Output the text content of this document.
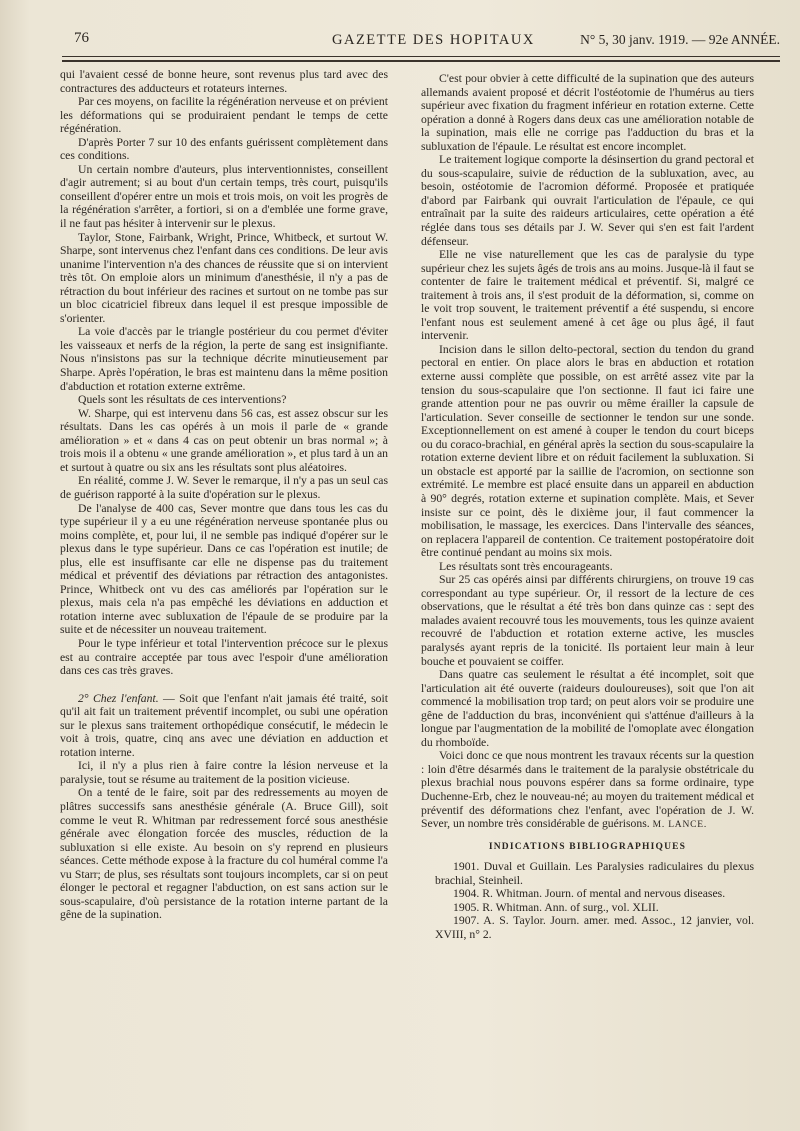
76	GAZETTE DES HOPITAUX	N° 5, 30 janv. 1919. — 92e ANNÉE.

qui l'avaient cessé de bonne heure, sont revenus plus tard avec des contractures des adducteurs et rotateurs internes.

Par ces moyens, on facilite la régénération nerveuse et on prévient les déformations qui se produiraient pendant le temps de cette régénération.

D'après Porter 7 sur 10 des enfants guérissent complètement dans ces conditions.

Un certain nombre d'auteurs, plus interventionnistes, conseillent d'agir autrement; si au bout d'un certain temps, très court, puisqu'ils conseillent d'opérer entre un mois et trois mois, on voit les progrès de la régénération s'arrêter, a fortiori, si on a d'emblée une forme grave, il ne faut pas hésiter à intervenir sur le plexus.

Taylor, Stone, Fairbank, Wright, Prince, Whitbeck, et surtout W. Sharpe, sont intervenus chez l'enfant dans ces conditions. De leur avis unanime l'intervention n'a des chances de réussite que si on intervient très tôt. On emploie alors un minimum d'anesthésie, il n'y a pas de rétraction du bout inférieur des racines et surtout on ne tombe pas sur un bloc cicatriciel fibreux dans lequel il est presque impossible de s'orienter.

La voie d'accès par le triangle postérieur du cou permet d'éviter les vaisseaux et nerfs de la région, la perte de sang est insignifiante. Nous n'insistons pas sur la technique décrite minutieusement par Sharpe. Après l'opération, le bras est maintenu dans la même position d'abduction et rotation externe extrême.

Quels sont les résultats de ces interventions?

W. Sharpe, qui est intervenu dans 56 cas, est assez obscur sur les résultats. Dans les cas opérés à un mois il parle de « grande amélioration » et « dans 4 cas on peut obtenir un bras normal »; à trois mois il a obtenu « une grande amélioration », et plus tard à un an et surtout à quatre ou six ans les résultats sont plus aléatoires.

En réalité, comme J. W. Sever le remarque, il n'y a pas un seul cas de guérison rapporté à la suite d'opération sur le plexus.

De l'analyse de 400 cas, Sever montre que dans tous les cas du type supérieur il y a eu une régénération nerveuse spontanée plus ou moins complète, et, pour lui, il ne semble pas indiqué d'opérer sur le plexus dans le type supérieur. Dans ce cas l'opération est inutile; de plus, elle est insuffisante car elle ne dispense pas du traitement médical et préventif des déviations par rétraction des antagonistes. Prince, Whitbeck ont vu des cas améliorés par l'opération sur le plexus, mais cela n'a pas empêché les déviations en adduction et rotation interne avec subluxation de l'épaule de se produire par la suite et de nécessiter un nouveau traitement.

Pour le type inférieur et total l'intervention précoce sur le plexus est au contraire acceptée par tous avec l'espoir d'une amélioration dans ces cas très graves.

2° Chez l'enfant. — Soit que l'enfant n'ait jamais été traité, soit qu'il ait fait un traitement préventif incomplet, ou subi une opération sur le plexus sans traitement orthopédique consécutif, le médecin le voit à trois, quatre, cinq ans avec une déviation en adduction et rotation interne.

Ici, il n'y a plus rien à faire contre la lésion nerveuse et la paralysie, tout se résume au traitement de la position vicieuse.

On a tenté de le faire, soit par des redressements au moyen de plâtres successifs sans anesthésie générale (A. Bruce Gill), soit comme le veut R. Whitman par redressement forcé sous anesthésie générale avec élongation forcée des muscles, réduction de la subluxation si elle existe. Au besoin on s'y reprend en plusieurs séances. Cette méthode expose à la fracture du col huméral comme l'a vu Starr; de plus, ses résultats sont toujours incomplets, car si on peut élonger le pectoral et regagner l'abduction, on est sans action sur le sous-scapulaire, d'où persistance de la rotation interne partant de la gêne de la supination.

C'est pour obvier à cette difficulté de la supination que des auteurs allemands avaient proposé et décrit l'ostéotomie de l'humérus au tiers supérieur avec fixation du fragment inférieur en rotation externe. Cette opération a donné à Rogers dans deux cas une amélioration notable de la supination, mais elle ne corrige pas l'adduction du bras et la subluxation de l'épaule. Le résultat est encore incomplet.

Le traitement logique comporte la désinsertion du grand pectoral et du sous-scapulaire, suivie de réduction de la subluxation, avec, au besoin, ostéotomie de l'acromion déformé. Proposée et pratiquée d'abord par Fairbank qui ouvrait l'articulation de l'épaule, ce qui entraînait par la suite des raideurs articulaires, cette opération a été réglée dans tous ses détails par J. W. Sever qui s'en est fait l'ardent défenseur.

Elle ne vise naturellement que les cas de paralysie du type supérieur chez les sujets âgés de trois ans au moins. Jusque-là il faut se contenter de faire le traitement médical et préventif. Si, malgré ce traitement à trois ans, il s'est produit de la déformation, si, comme on le voit trop souvent, le traitement préventif a été suspendu, si encore l'enfant nous est seulement amené à cet âge ou plus âgé, il faut intervenir.

Incision dans le sillon delto-pectoral, section du tendon du grand pectoral en entier. On place alors le bras en abduction et rotation externe aussi complète que possible, on est arrêté assez vite par la tension du sous-scapulaire que l'on sectionne. Il faut ici faire une grande attention pour ne pas ouvrir ou même érailler la capsule de l'articulation. Sever conseille de sectionner le tendon sur une sonde. Exceptionnellement on est amené à couper le tendon du court biceps ou du coraco-brachial, en général après la section du sous-scapulaire la rotation externe devient libre et on réduit facilement la subluxation. Si un obstacle est apporté par la saillie de l'acromion, on sectionne son extrémité. Le membre est placé ensuite dans un appareil en abduction à 90° degrés, rotation externe et supination complète. Mais, et Sever insiste sur ce point, dès le dixième jour, il faut commencer la mobilisation, le massage, les exercices. Dans l'intervalle des séances, on replacera l'appareil de contention. Ce traitement postopératoire doit être continué pendant au moins six mois.

Les résultats sont très encourageants.

Sur 25 cas opérés ainsi par différents chirurgiens, on trouve 19 cas correspondant au type supérieur. Or, il ressort de la lecture de ces observations, que le résultat a été très bon dans quinze cas : sept des malades avaient recouvré tous les mouvements, tous les quinze avaient recouvré de l'abduction et rotation externe active, les muscles paralysés ayant repris de la tonicité. Ils portaient leur main à leur bouche et pouvaient se coiffer.

Dans quatre cas seulement le résultat a été incomplet, soit que l'articulation ait été ouverte (raideurs douloureuses), soit que l'on ait commencé la mobilisation trop tard; on peut alors voir se produire une gêne de l'adduction du bras, inconvénient qui s'atténue d'ailleurs à la longue par l'augmentation de la mobilité de l'omoplate avec élongation du rhomboïde.

Voici donc ce que nous montrent les travaux récents sur la question : loin d'être désarmés dans le traitement de la paralysie obstétricale du plexus brachial nous pouvons espérer dans sa forme ordinaire, type Duchenne-Erb, chez le nouveau-né; au moyen du traitement médical et préventif des déformations chez l'enfant, avec l'opération de J. W. Sever, un nombre très considérable de guérisons. M. LANCE.

INDICATIONS BIBLIOGRAPHIQUES

1901. Duval et Guillain. Les Paralysies radiculaires du plexus brachial, Steinheil.

1904. R. Whitman. Journ. of mental and nervous diseases.

1905. R. Whitman. Ann. of surg., vol. XLII.

1907. A. S. Taylor. Journ. amer. med. Assoc., 12 janvier, vol. XVIII, n° 2.
